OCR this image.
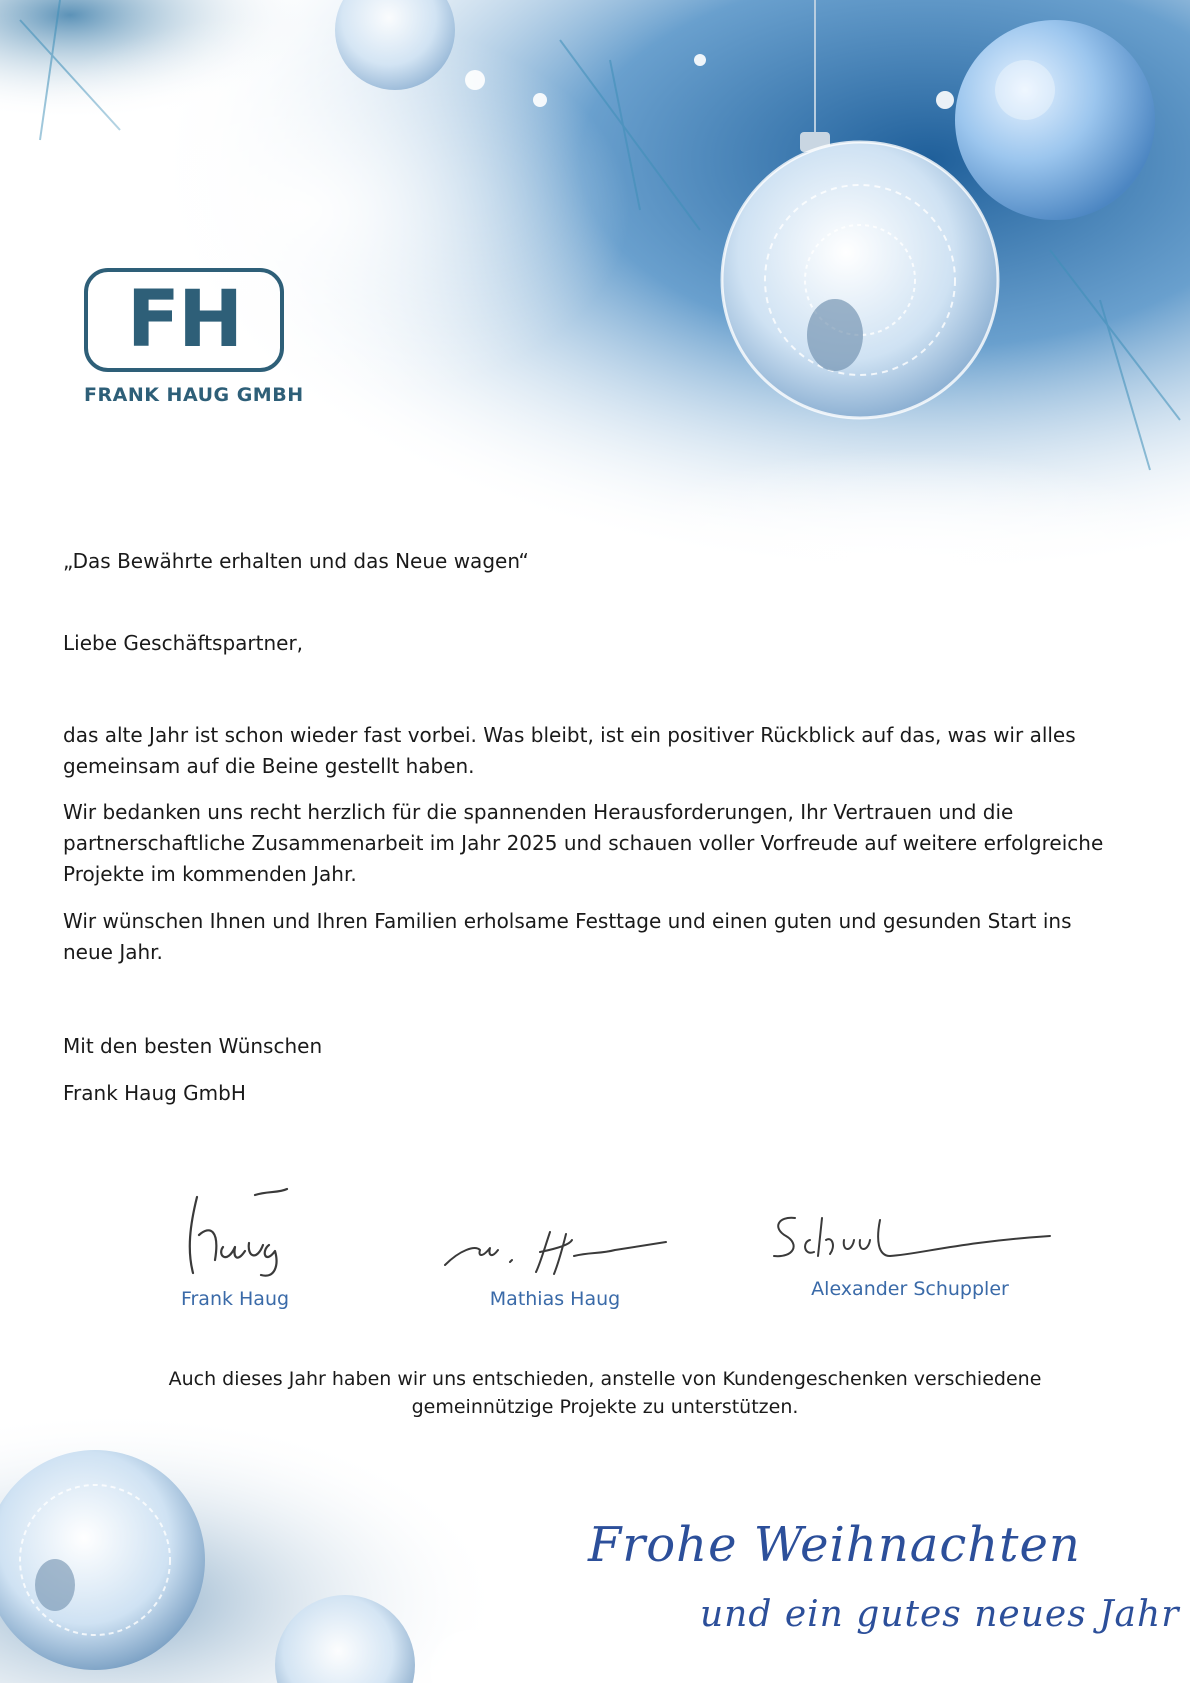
FH
FRANK HAUG GMBH

„Das Bewährte erhalten und das Neue wagen“

Liebe Geschäftspartner,

das alte Jahr ist schon wieder fast vorbei. Was bleibt, ist ein positiver Rückblick auf das, was wir alles gemeinsam auf die Beine gestellt haben.

Wir bedanken uns recht herzlich für die spannenden Herausforderungen, Ihr Vertrauen und die partnerschaftliche Zusammenarbeit im Jahr 2025 und schauen voller Vorfreude auf weitere erfolgreiche Projekte im kommenden Jahr.

Wir wünschen Ihnen und Ihren Familien erholsame Festtage und einen guten und gesunden Start ins neue Jahr.

Mit den besten Wünschen

Frank Haug GmbH

Frank Haug	Mathias Haug	Alexander Schuppler
Auch dieses Jahr haben wir uns entschieden, anstelle von Kundengeschenken verschiedene gemeinnützige Projekte zu unterstützen.
Frohe Weihnachten
und ein gutes neues Jahr
